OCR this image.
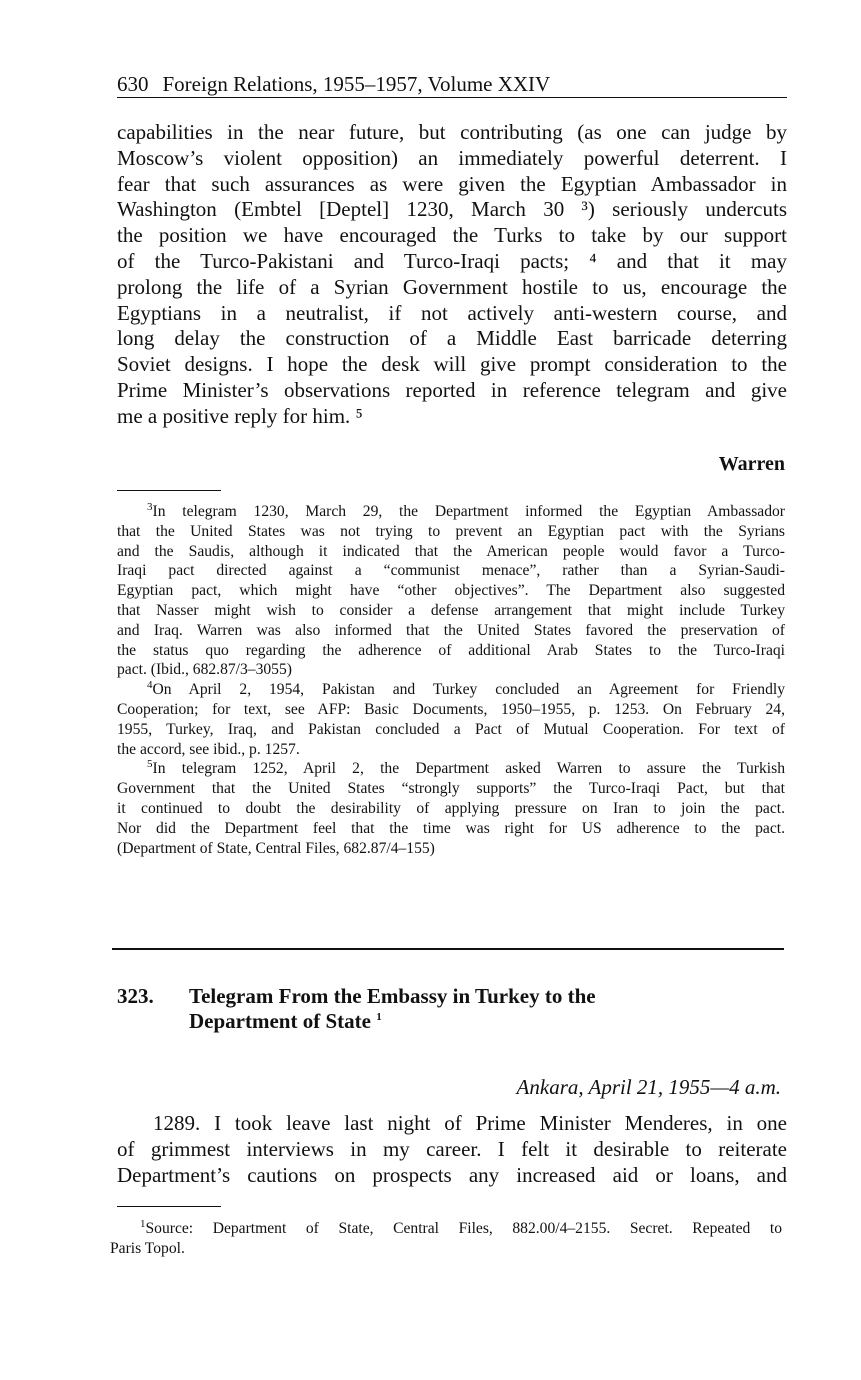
630 Foreign Relations, 1955–1957, Volume XXIV

capabilities in the near future, but contributing (as one can judge by
Moscow’s violent opposition) an immediately powerful deterrent. I
fear that such assurances as were given the Egyptian Ambassador in
Washington (Embtel [Deptel] 1230, March 30 ³) seriously undercuts
the position we have encouraged the Turks to take by our support
of the Turco-Pakistani and Turco-Iraqi pacts; ⁴ and that it may
prolong the life of a Syrian Government hostile to us, encourage the
Egyptians in a neutralist, if not actively anti-western course, and
long delay the construction of a Middle East barricade deterring
Soviet designs. I hope the desk will give prompt consideration to the
Prime Minister’s observations reported in reference telegram and give
me a positive reply for him. ⁵

Warren

$^3$In telegram 1230, March 29, the Department informed the Egyptian Ambassador
that the United States was not trying to prevent an Egyptian pact with the Syrians
and the Saudis, although it indicated that the American people would favor a Turco-
Iraqi pact directed against a “communist menace”, rather than a Syrian-Saudi-
Egyptian pact, which might have “other objectives”. The Department also suggested
that Nasser might wish to consider a defense arrangement that might include Turkey
and Iraq. Warren was also informed that the United States favored the preservation of
the status quo regarding the adherence of additional Arab States to the Turco-Iraqi
pact. (Ibid., 682.87/3–3055)

$^4$On April 2, 1954, Pakistan and Turkey concluded an Agreement for Friendly
Cooperation; for text, see AFP: Basic Documents, 1950–1955, p. 1253. On February 24,
1955, Turkey, Iraq, and Pakistan concluded a Pact of Mutual Cooperation. For text of
the accord, see ibid., p. 1257.

$^5$In telegram 1252, April 2, the Department asked Warren to assure the Turkish
Government that the United States “strongly supports” the Turco-Iraqi Pact, but that
it continued to doubt the desirability of applying pressure on Iran to join the pact.
Nor did the Department feel that the time was right for US adherence to the pact.
(Department of State, Central Files, 682.87/4–155)

323. Telegram From the Embassy in Turkey to the
Department of State $^1$
Ankara, April 21, 1955—4 a.m.

1289. I took leave last night of Prime Minister Menderes, in one
of grimmest interviews in my career. I felt it desirable to reiterate
Department’s cautions on prospects any increased aid or loans, and

$^1$Source: Department of State, Central Files, 882.00/4–2155. Secret. Repeated to
Paris Topol.
